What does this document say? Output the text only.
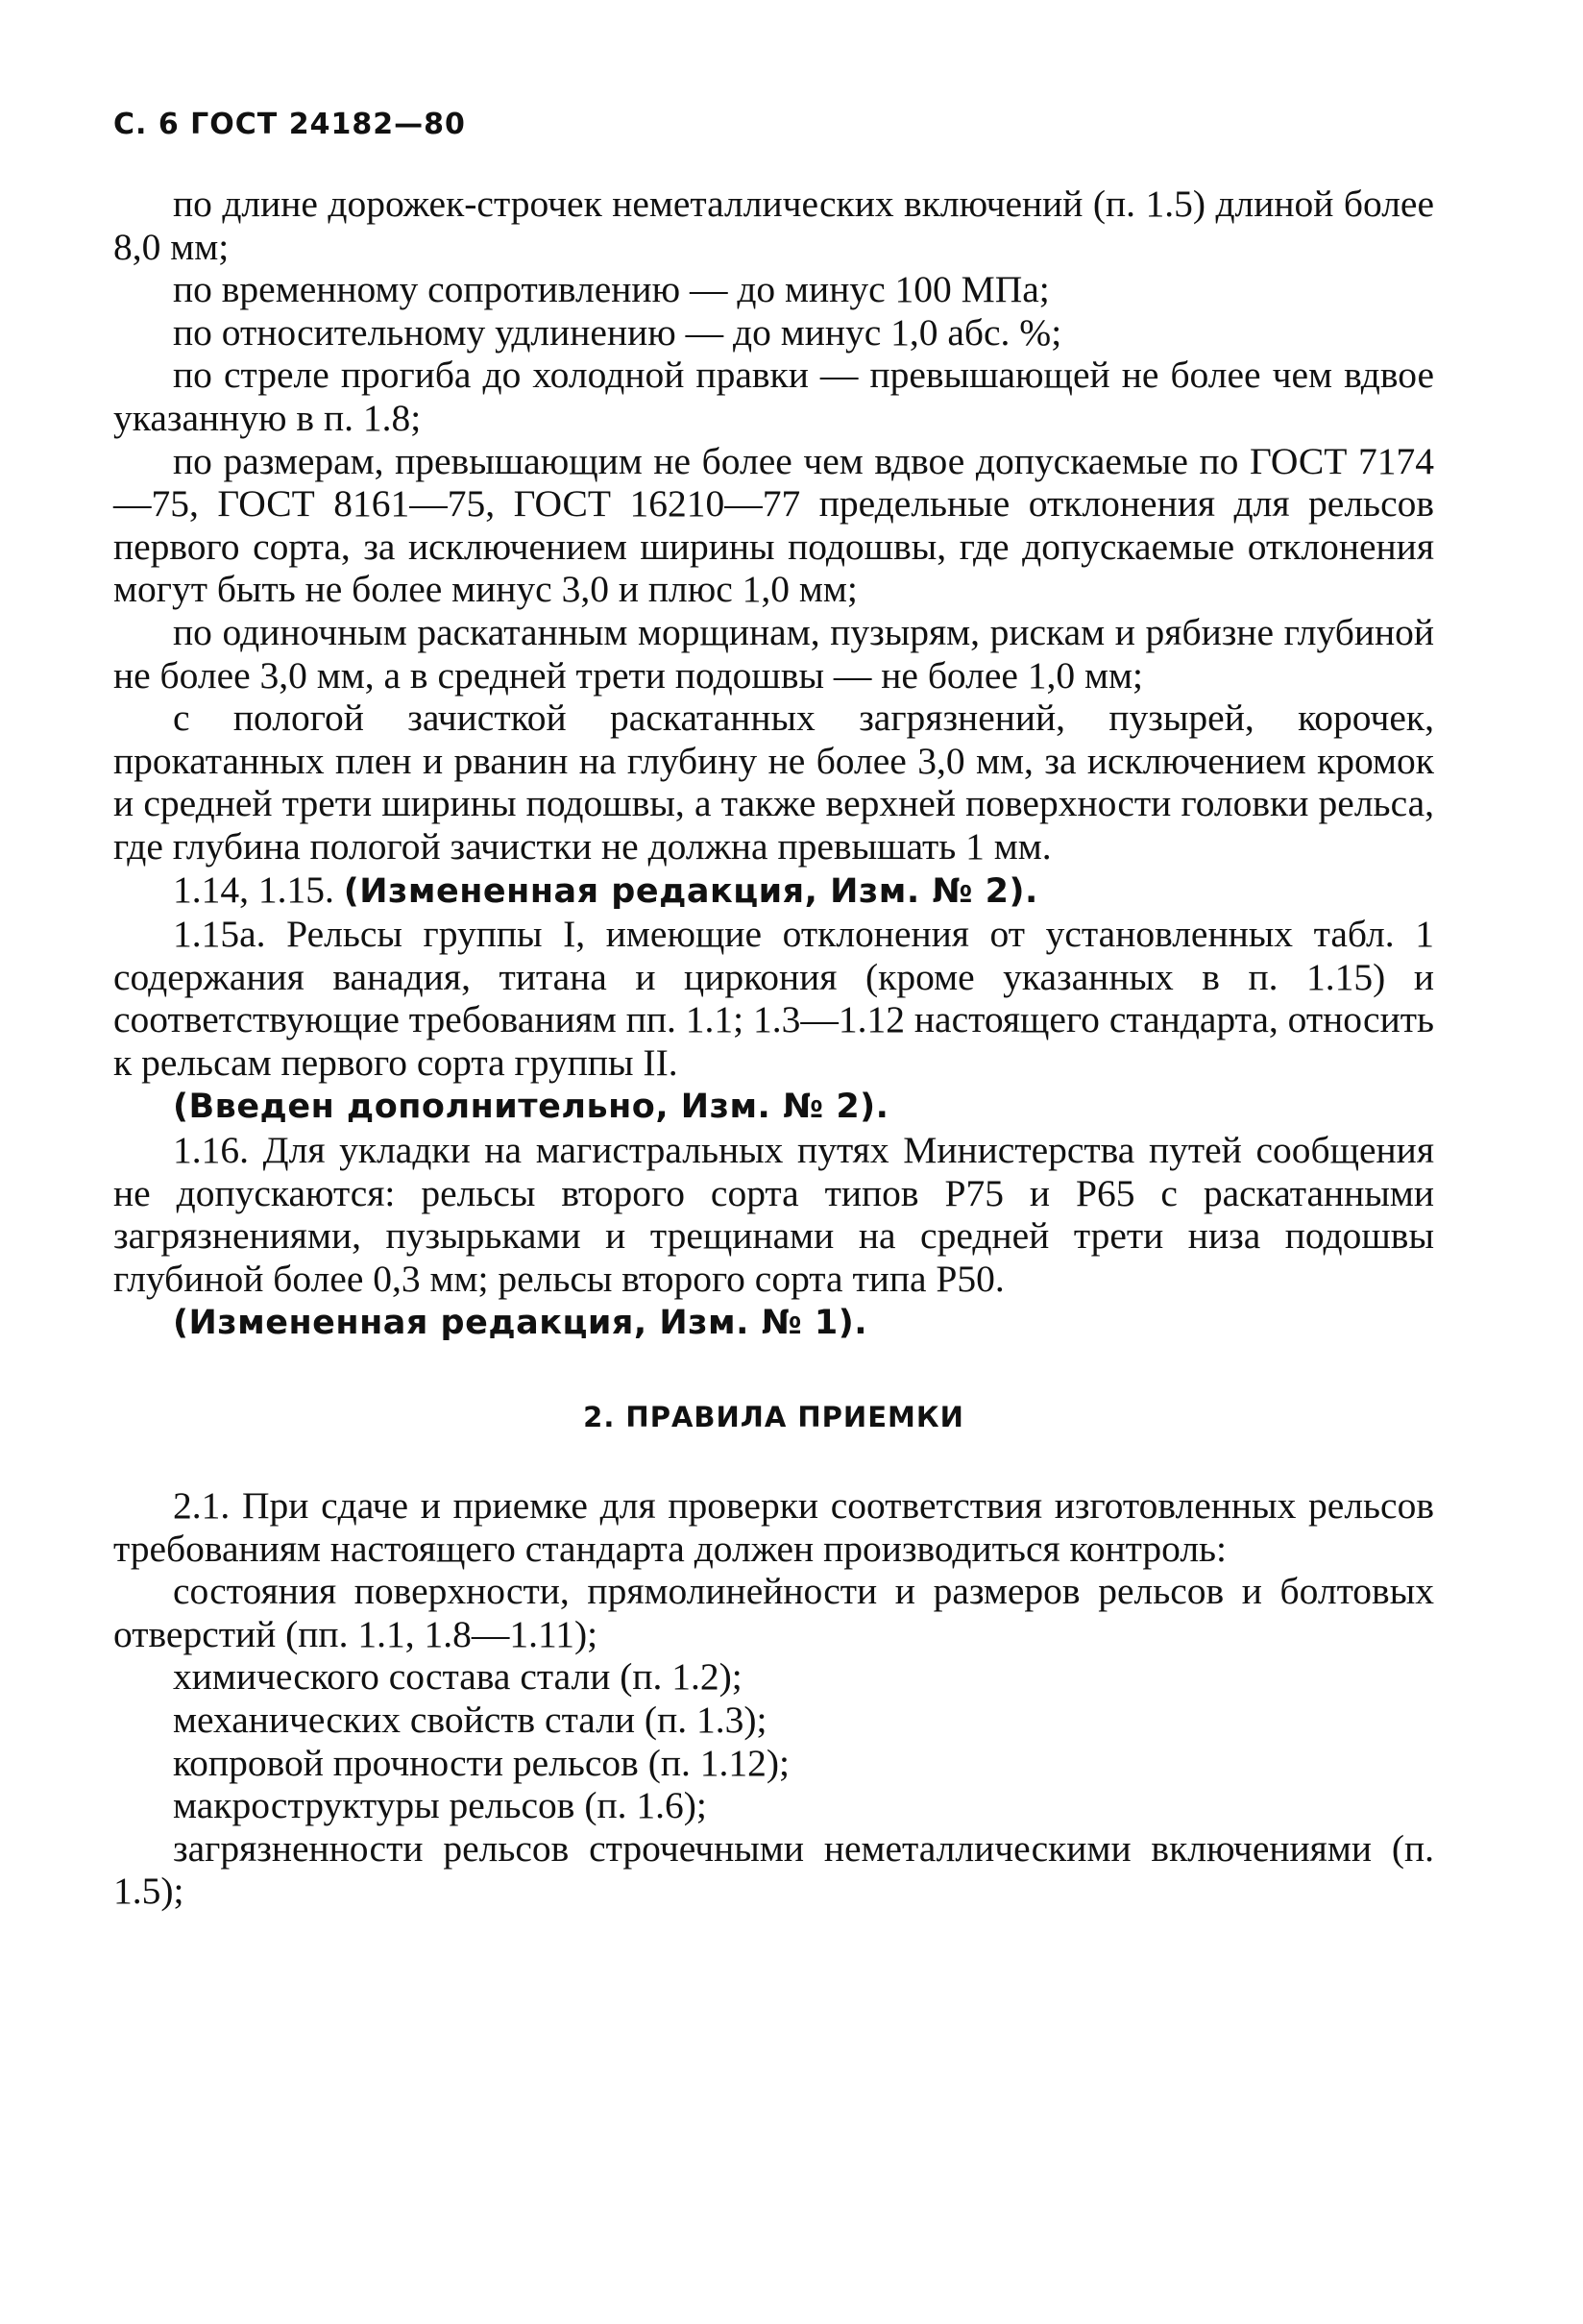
С. 6 ГОСТ 24182—80

по длине дорожек-строчек неметаллических включений (п. 1.5) длиной более 8,0 мм;

по временному сопротивлению — до минус 100 МПа;

по относительному удлинению — до минус 1,0 абс. %;

по стреле прогиба до холодной правки — превышающей не более чем вдвое указанную в п. 1.8;

по размерам, превышающим не более чем вдвое допускаемые по ГОСТ 7174—75, ГОСТ 8161—75, ГОСТ 16210—77 предельные отклонения для рельсов первого сорта, за исключением ширины подошвы, где допускаемые отклонения могут быть не более минус 3,0 и плюс 1,0 мм;

по одиночным раскатанным морщинам, пузырям, рискам и рябизне глубиной не более 3,0 мм, а в средней трети подошвы — не более 1,0 мм;

с пологой зачисткой раскатанных загрязнений, пузырей, корочек, прокатанных плен и рванин на глубину не более 3,0 мм, за исключением кромок и средней трети ширины подошвы, а также верхней поверхности головки рельса, где глубина пологой зачистки не должна превышать 1 мм.

1.14, 1.15. (Измененная редакция, Изм. № 2).

1.15а. Рельсы группы I, имеющие отклонения от установленных табл. 1 содержания ванадия, титана и циркония (кроме указанных в п. 1.15) и соответствующие требованиям пп. 1.1; 1.3—1.12 настоящего стандарта, относить к рельсам первого сорта группы II.

(Введен дополнительно, Изм. № 2).

1.16. Для укладки на магистральных путях Министерства путей сообщения не допускаются: рельсы второго сорта типов Р75 и Р65 с раскатанными загрязнениями, пузырьками и трещинами на средней трети низа подошвы глубиной более 0,3 мм; рельсы второго сорта типа Р50.

(Измененная редакция, Изм. № 1).

2. ПРАВИЛА ПРИЕМКИ

2.1. При сдаче и приемке для проверки соответствия изготовленных рельсов требованиям настоящего стандарта должен производиться контроль:

состояния поверхности, прямолинейности и размеров рельсов и болтовых отверстий (пп. 1.1, 1.8—1.11);

химического состава стали (п. 1.2);

механических свойств стали (п. 1.3);

копровой прочности рельсов (п. 1.12);

макроструктуры рельсов (п. 1.6);

загрязненности рельсов строчечными неметаллическими включениями (п. 1.5);
